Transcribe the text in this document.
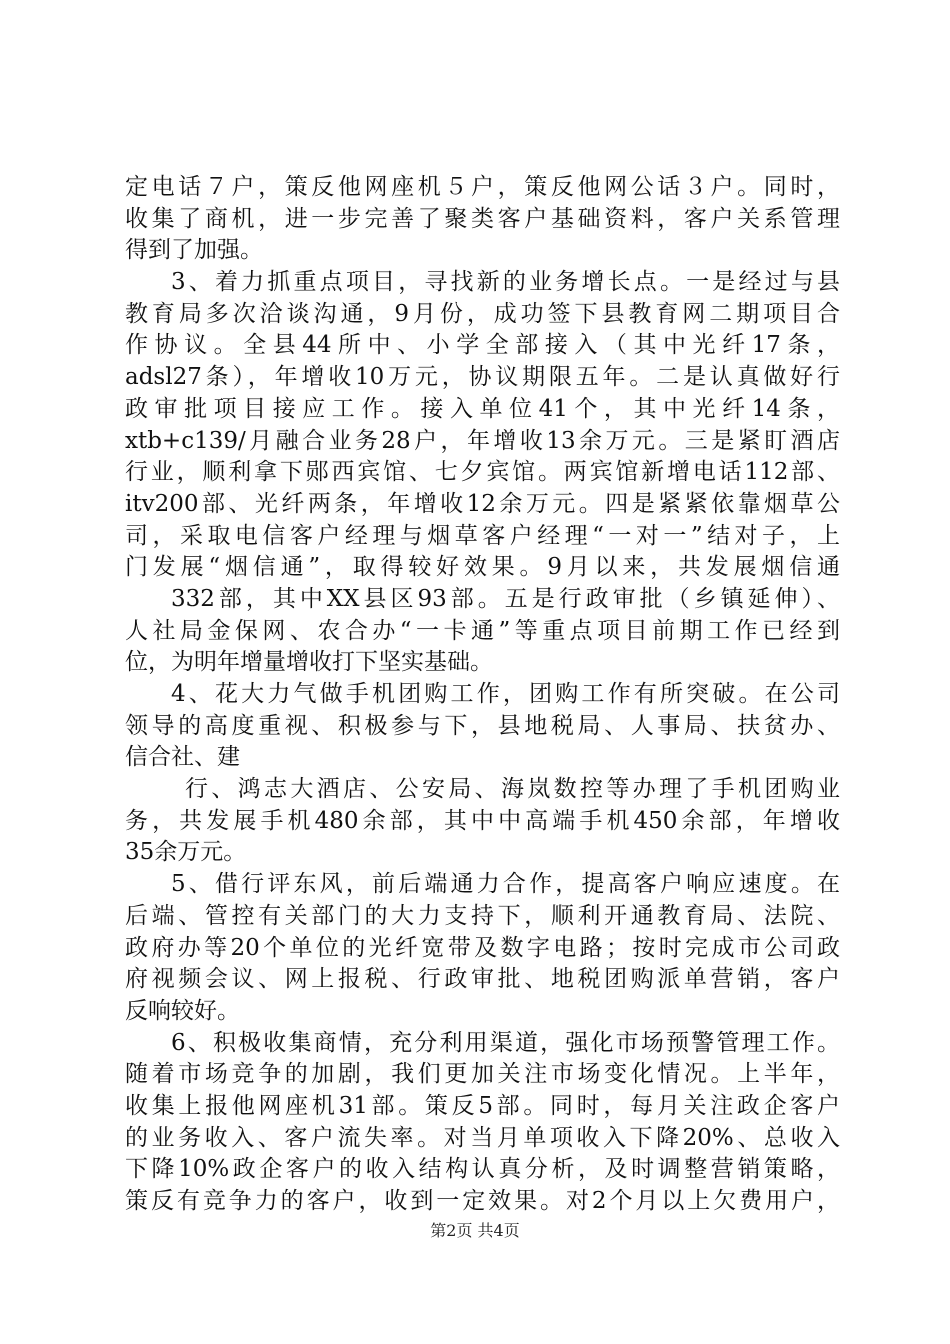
定电话７户，策反他网座机５户，策反他网公话３户。同时，
收集了商机，进一步完善了聚类客户基础资料，客户关系管理
得到了加强。
3、着力抓重点项目，寻找新的业务增长点。一是经过与县
教育局多次洽谈沟通，9月份，成功签下县教育网二期项目合
作协议。全县44所中、小学全部接入（其中光纤17条，
adsl27条），年增收10万元，协议期限五年。二是认真做好行
政审批项目接应工作。接入单位41个，其中光纤14条，
xtb+c139/月融合业务28户，年增收13余万元。三是紧盯酒店
行业，顺利拿下郧西宾馆、七夕宾馆。两宾馆新增电话112部、
itv200部、光纤两条，年增收12余万元。四是紧紧依靠烟草公
司，采取电信客户经理与烟草客户经理“一对一”结对子，上
门发展“烟信通”，取得较好效果。9月以来，共发展烟信通
332部，其中XX县区93部。五是行政审批（乡镇延伸）、
人社局金保网、农合办“一卡通”等重点项目前期工作已经到
位，为明年增量增收打下坚实基础。
4、花大力气做手机团购工作，团购工作有所突破。在公司
领导的高度重视、积极参与下，县地税局、人事局、扶贫办、
信合社、建
行、鸿志大酒店、公安局、海岚数控等办理了手机团购业
务，共发展手机480余部，其中中高端手机450余部，年增收
35余万元。
5、借行评东风，前后端通力合作，提高客户响应速度。在
后端、管控有关部门的大力支持下，顺利开通教育局、法院、
政府办等20个单位的光纤宽带及数字电路；按时完成市公司政
府视频会议、网上报税、行政审批、地税团购派单营销，客户
反响较好。
6、积极收集商情，充分利用渠道，强化市场预警管理工作。
随着市场竞争的加剧，我们更加关注市场变化情况。上半年，
收集上报他网座机31部。策反5部。同时，每月关注政企客户
的业务收入、客户流失率。对当月单项收入下降20%、总收入
下降10%政企客户的收入结构认真分析，及时调整营销策略，
策反有竞争力的客户，收到一定效果。对2个月以上欠费用户，
第2页 共4页
